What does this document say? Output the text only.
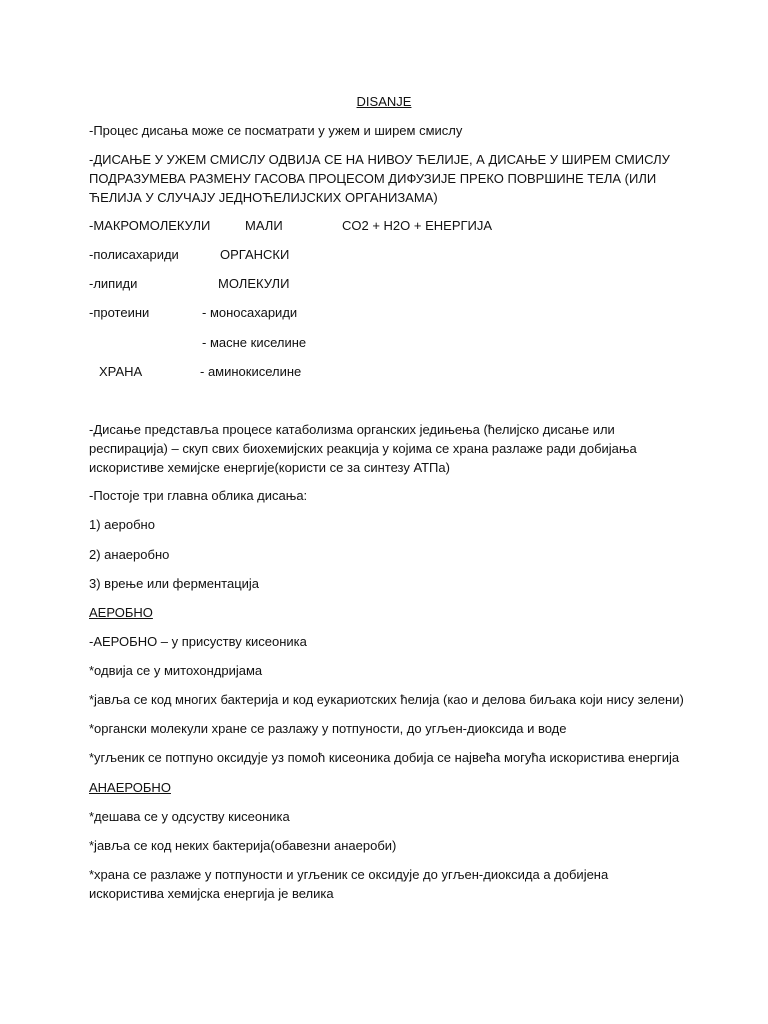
DISANJE
-Процес дисања може се посматрати у ужем и ширем смислу
-ДИСАЊЕ У УЖЕМ СМИСЛУ ОДВИЈА СЕ НА НИВОУ ЋЕЛИЈЕ, А ДИСАЊЕ У ШИРЕМ СМИСЛУ ПОДРАЗУМЕВА РАЗМЕНУ ГАСОВА ПРОЦЕСОМ ДИФУЗИЈЕ ПРЕКО ПОВРШИНЕ ТЕЛА (ИЛИ ЋЕЛИЈА У СЛУЧАЈУ ЈЕДНОЋЕЛИЈСКИХ ОРГАНИЗАМА)
-МАКРОМОЛЕКУЛИ	МАЛИ	CO2 + H2O + ЕНЕРГИЈА
-полисахариди	ОРГАНСКИ
-липиди	МОЛЕКУЛИ
-протеини	- моносахариди
- масне киселине
ХРАНА	- аминокиселине
-Дисање представља процесе катаболизма органских једињења (ћелијско дисање или респирација) – скуп свих биохемијских реакција у којима се храна разлаже ради добијања искористиве хемијске енергије(користи се за синтезу АТПа)
-Постоје три главна облика дисања:
1) аеробно
2) анаеробно
3) врење или ферментација
АЕРОБНО
-АЕРОБНО – у присуству кисеоника
*одвија се у митохондријама
*јавља се код многих бактерија и код еукариотских ћелија (као и делова биљака који нису зелени)
*органски молекули хране се разлажу у потпуности, до угљен-диоксида и воде
*угљеник се потпуно оксидује уз помоћ кисеоника добија се највећа могућа искористива енергија
АНАЕРОБНО
*дешава се у одсуству кисеоника
*јавља се код неких бактерија(обавезни анаероби)
*храна се разлаже у потпуности и угљеник се оксидује до угљен-диоксида а добијена искористива хемијска енергија је велика
